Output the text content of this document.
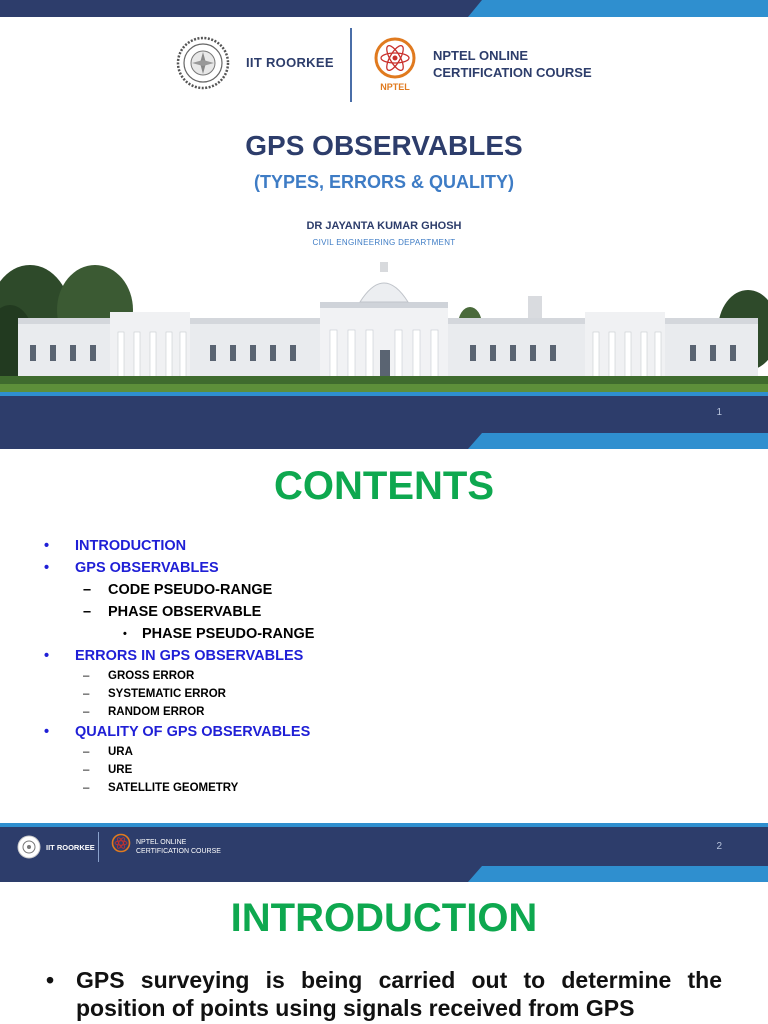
IIT ROORKEE
NPTEL
NPTEL ONLINE
CERTIFICATION COURSE
GPS OBSERVABLES
(TYPES, ERRORS & QUALITY)
DR JAYANTA KUMAR GHOSH
CIVIL ENGINEERING DEPARTMENT
1
CONTENTS
• INTRODUCTION
• GPS OBSERVABLES
– CODE PSEUDO-RANGE
– PHASE OBSERVABLE
• PHASE PSEUDO-RANGE
• ERRORS IN GPS OBSERVABLES
– GROSS ERROR
– SYSTEMATIC ERROR
– RANDOM ERROR
• QUALITY OF GPS OBSERVABLES
– URA
– URE
– SATELLITE GEOMETRY
IIT ROORKEE
NPTEL ONLINE
CERTIFICATION COURSE	2
INTRODUCTION
• GPS surveying is being carried out to determine the position of points using signals received from GPS
